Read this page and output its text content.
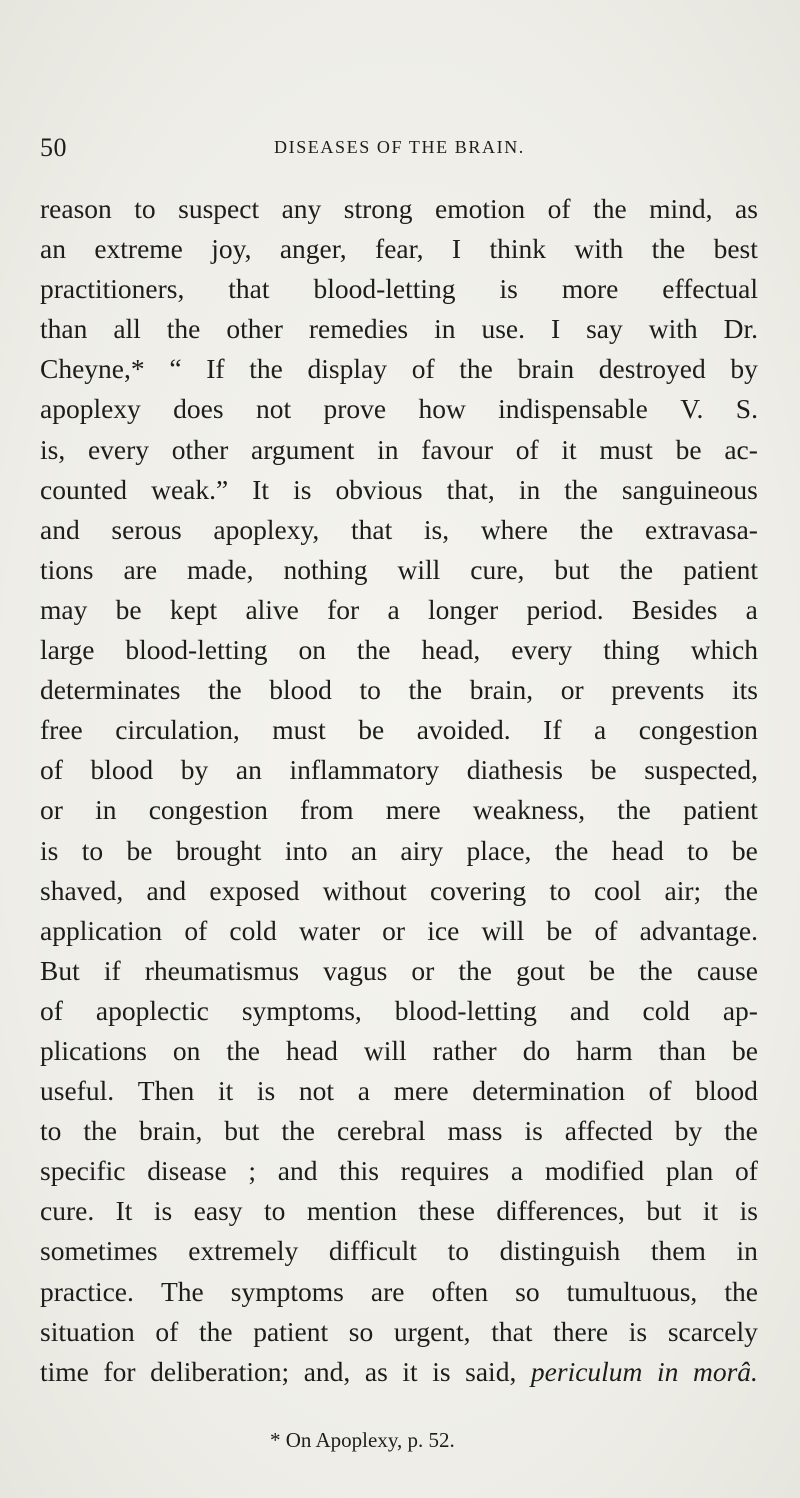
50	DISEASES OF THE BRAIN.
reason to suspect any strong emotion of the mind, as
an extreme joy, anger, fear, I think with the best
practitioners, that blood-letting is more effectual
than all the other remedies in use. I say with Dr.
Cheyne,* “ If the display of the brain destroyed by
apoplexy does not prove how indispensable V. S.
is, every other argument in favour of it must be ac-
counted weak.” It is obvious that, in the sanguineous
and serous apoplexy, that is, where the extravasa-
tions are made, nothing will cure, but the patient
may be kept alive for a longer period. Besides a
large blood-letting on the head, every thing which
determinates the blood to the brain, or prevents its
free circulation, must be avoided. If a congestion
of blood by an inflammatory diathesis be suspected,
or in congestion from mere weakness, the patient
is to be brought into an airy place, the head to be
shaved, and exposed without covering to cool air; the
application of cold water or ice will be of advantage.
But if rheumatismus vagus or the gout be the cause
of apoplectic symptoms, blood-letting and cold ap-
plications on the head will rather do harm than be
useful. Then it is not a mere determination of blood
to the brain, but the cerebral mass is affected by the
specific disease ; and this requires a modified plan of
cure. It is easy to mention these differences, but it is
sometimes extremely difficult to distinguish them in
practice. The symptoms are often so tumultuous, the
situation of the patient so urgent, that there is scarcely
time for deliberation; and, as it is said, periculum in morâ.
* On Apoplexy, p. 52.
